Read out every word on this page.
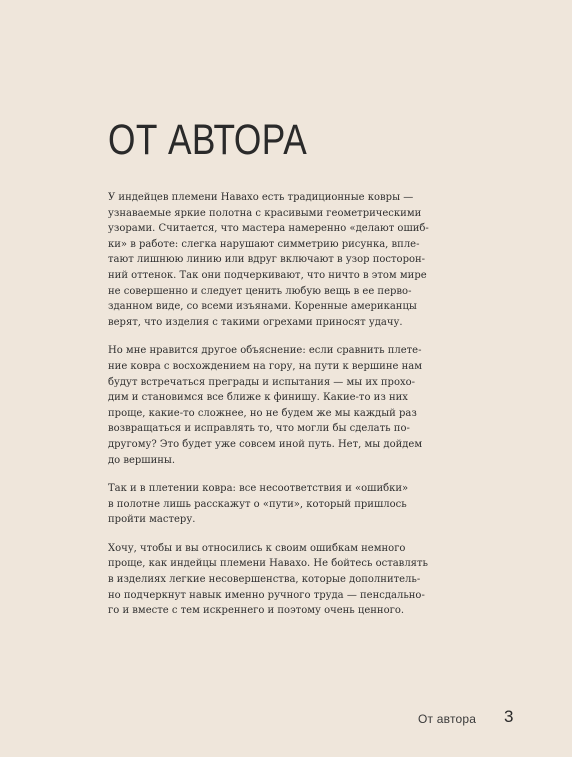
ОТ АВТОРА

У индейцев племени Навахо есть традиционные ковры —
узнаваемые яркие полотна с красивыми геометрическими
узорами. Считается, что мастера намеренно «делают ошиб-
ки» в работе: слегка нарушают симметрию рисунка, впле-
тают лишнюю линию или вдруг включают в узор посторон-
ний оттенок. Так они подчеркивают, что ничто в этом мире
не совершенно и следует ценить любую вещь в ее перво-
зданном виде, со всеми изъянами. Коренные американцы
верят, что изделия с такими огрехами приносят удачу.

Но мне нравится другое объяснение: если сравнить плете-
ние ковра с восхождением на гору, на пути к вершине нам
будут встречаться преграды и испытания — мы их прохо-
дим и становимся все ближе к финишу. Какие-то из них
проще, какие-то сложнее, но не будем же мы каждый раз
возвращаться и исправлять то, что могли бы сделать по-
другому? Это будет уже совсем иной путь. Нет, мы дойдем
до вершины.

Так и в плетении ковра: все несоответствия и «ошибки»
в полотне лишь расскажут о «пути», который пришлось
пройти мастеру.

Хочу, чтобы и вы относились к своим ошибкам немного
проще, как индейцы племени Навахо. Не бойтесь оставлять
в изделиях легкие несовершенства, которые дополнитель-
но подчеркнут навык именно ручного труда — пенсдально-
го и вместе с тем искреннего и поэтому очень ценного.

От автора 3
